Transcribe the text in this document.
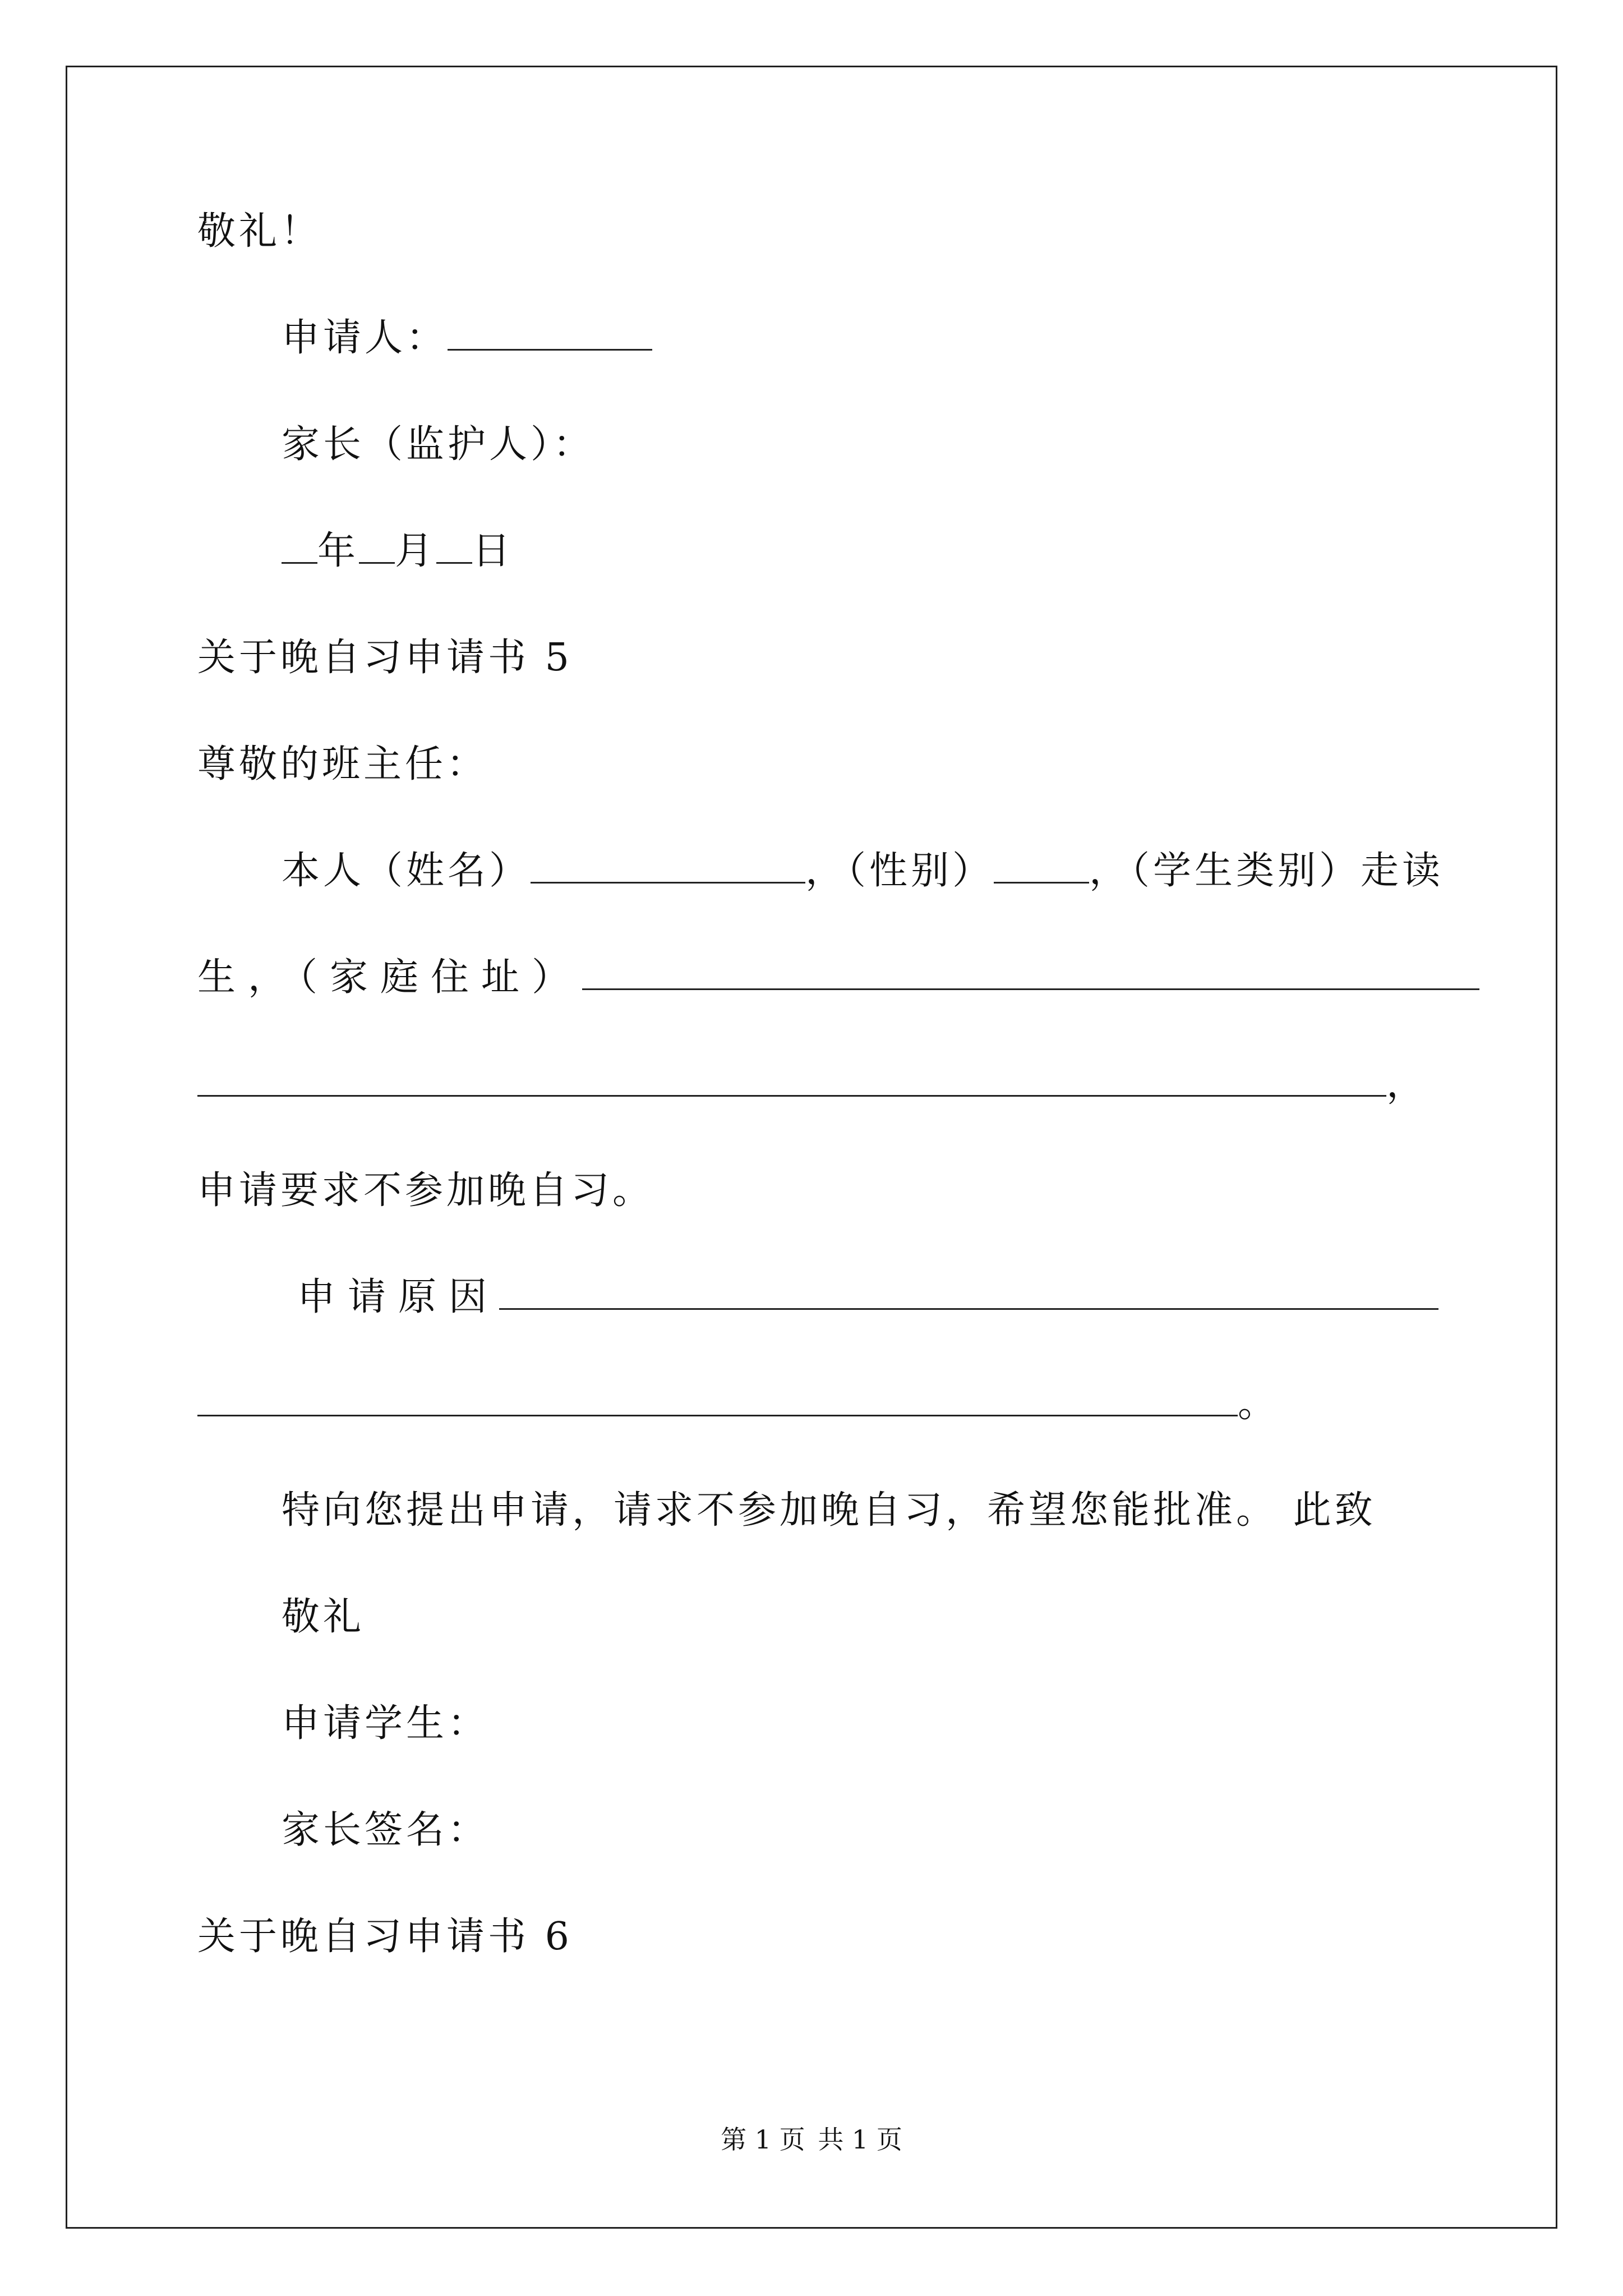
敬礼！
申请人：
家长（监护人）：
年 月 日
关于晚自习申请书 5
尊敬的班主任：
本人（姓名）	，（性别）	，（学生类别）走读
生，（家庭住址）
，
申请要求不参加晚自习。
申请原因
。
特向您提出申请，请求不参加晚自习，希望您能批准。 此致
敬礼
申请学生：
家长签名：
关于晚自习申请书 6
第 1 页 共 1 页
